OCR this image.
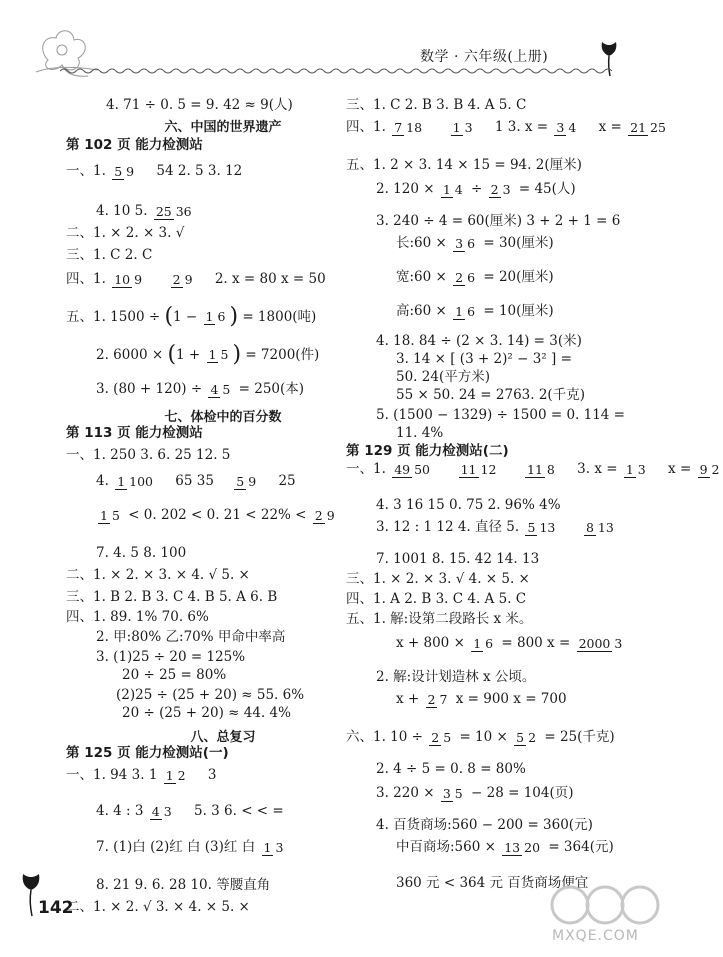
数学 · 六年级(上册)
4. 71 ÷ 0. 5 = 9. 42 ≈ 9(人)
六、中国的世界遗产
第 102 页 能力检测站
一、1. 5 9 54 2. 5 3. 12
4. 10 5. 25 36
二、1. × 2. × 3. √
三、1. C 2. C
四、1. 10 9 2 9 2. x = 80 x = 50
五、1. 1500 ÷ (1 − 1 6 ) = 1800(吨)
2. 6000 × (1 + 1 5 ) = 7200(件)
3. (80 + 120) ÷ 4 5 = 250(本)
七、体检中的百分数
第 113 页 能力检测站
一、1. 250 3. 6. 25 12. 5
4. 1 100 65 35 5 9 25
1 5 < 0. 202 < 0. 21 < 22% < 2 9
7. 4. 5 8. 100
二、1. × 2. × 3. × 4. √ 5. ×
三、1. B 2. B 3. C 4. B 5. A 6. B
四、1. 89. 1% 70. 6%
2. 甲:80% 乙:70% 甲命中率高
3. (1)25 ÷ 20 = 125%
20 ÷ 25 = 80%
(2)25 ÷ (25 + 20) ≈ 55. 6%
20 ÷ (25 + 20) ≈ 44. 4%
八、总复习
第 125 页 能力检测站(一)
一、1. 94 3. 1 1 2 3
4. 4 : 3 4 3 5. 3 6. < < =
7. (1)白 (2)红 白 (3)红 白 1 3
8. 21 9. 6. 28 10. 等腰直角
二、1. × 2. √ 3. × 4. × 5. ×
三、1. C 2. B 3. B 4. A 5. C
四、1. 7 18 1 3 1 3. x = 3 4 x = 21 25
五、1. 2 × 3. 14 × 15 = 94. 2(厘米)
2. 120 × 1 4 ÷ 2 3 = 45(人)
3. 240 ÷ 4 = 60(厘米) 3 + 2 + 1 = 6
长:60 × 3 6 = 30(厘米)
宽:60 × 2 6 = 20(厘米)
高:60 × 1 6 = 10(厘米)
4. 18. 84 ÷ (2 × 3. 14) = 3(米)
3. 14 × [ (3 + 2)² − 3² ] =
50. 24(平方米)
55 × 50. 24 = 2763. 2(千克)
5. (1500 − 1329) ÷ 1500 = 0. 114 =
11. 4%
第 129 页 能力检测站(二)
一、1. 49 50 11 12 11 8 3. x = 1 3 x = 9 2
4. 3 16 15 0. 75 2. 96% 4%
3. 12 : 1 12 4. 直径 5. 5 13 8 13
7. 1001 8. 15. 42 14. 13
三、1. × 2. × 3. √ 4. × 5. ×
四、1. A 2. B 3. C 4. A 5. C
五、1. 解:设第二段路长 x 米。
x + 800 × 1 6 = 800 x = 2000 3
2. 解:设计划造林 x 公顷。
x + 2 7 x = 900 x = 700
六、1. 10 ÷ 2 5 = 10 × 5 2 = 25(千克)
2. 4 ÷ 5 = 0. 8 = 80%
3. 220 × 3 5 − 28 = 104(页)
4. 百货商场:560 − 200 = 360(元)
中百商场:560 × 13 20 = 364(元)
360 元 < 364 元 百货商场便宜
142
MXQE.COM
